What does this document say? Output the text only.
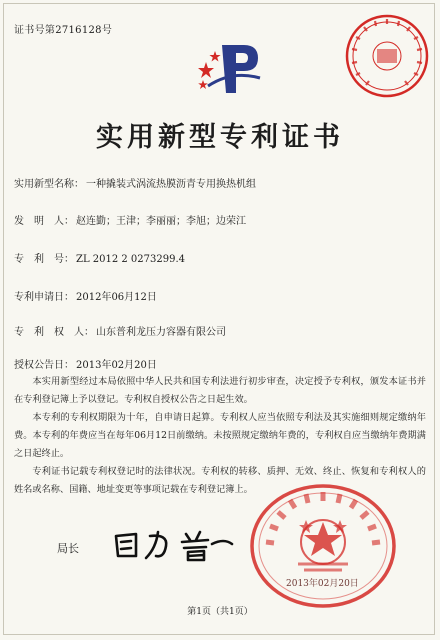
证书号第2716128号
实用新型专利证书
实用新型名称： 一种撬装式涡流热膜沥青专用换热机组
发　明　人： 赵连勤；王津；李丽丽；李旭；边荣江
专　利　号： ZL 2012 2 0273299.4
专利申请日： 2012年06月12日
专　利　权　人： 山东普利龙压力容器有限公司
授权公告日： 2013年02月20日

本实用新型经过本局依照中华人民共和国专利法进行初步审查，决定授予专利权，颁发本证书并在专利登记簿上予以登记。专利权自授权公告之日起生效。

本专利的专利权期限为十年，自申请日起算。专利权人应当依照专利法及其实施细则规定缴纳年费。本专利的年费应当在每年06月12日前缴纳。未按照规定缴纳年费的，专利权自应当缴纳年费期满之日起终止。

专利证书记载专利权登记时的法律状况。专利权的转移、质押、无效、终止、恢复和专利权人的姓名或名称、国籍、地址变更等事项记载在专利登记簿上。

局长
2013年02月20日
第1页（共1页）
